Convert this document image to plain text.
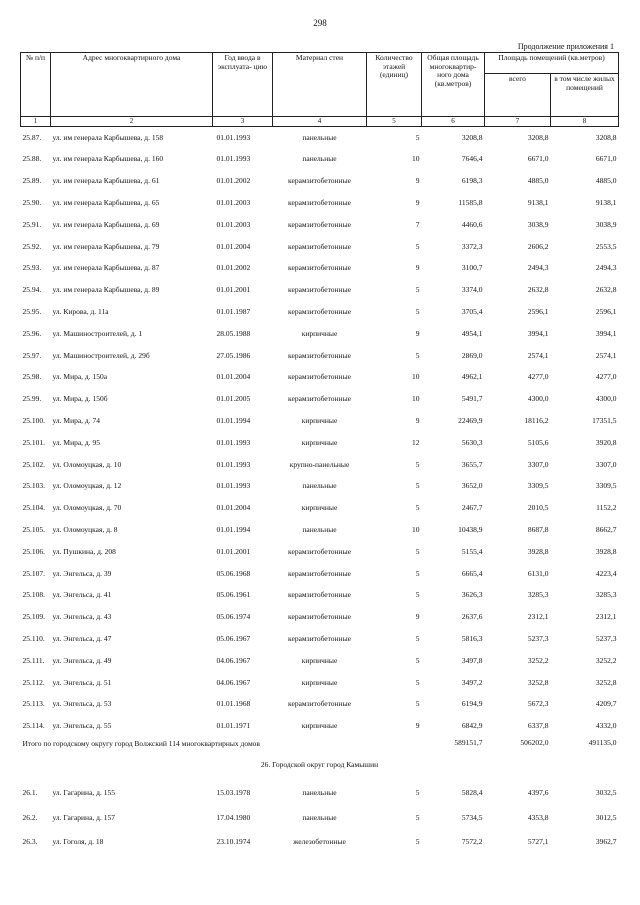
298
Продолжение приложения 1
№ п/п	Адрес многоквартирного дома	Год ввода в эксплуата- цию	Материал стен	Количество этажей (единиц)	Общая площадь многоквартир- ного дома (кв.метров)	Площадь помещений (кв.метров)	
						всего	в том числе жилых помещений
1	2	3	4	5	6	7	8
25.87.	ул. им генерала Карбышева, д. 158	01.01.1993	панельные	5	3208,8	3208,8	3208,8
25.88.	ул. им генерала Карбышева, д. 160	01.01.1993	панельные	10	7646,4	6671,0	6671,0
25.89.	ул. им генерала Карбышева, д. 61	01.01.2002	керамзитобетонные	9	6198,3	4885,0	4885,0
25.90.	ул. им генерала Карбышева, д. 65	01.01.2003	керамзитобетонные	9	11585,8	9138,1	9138,1
25.91.	ул. им генерала Карбышева, д. 69	01.01.2003	керамзитобетонные	7	4460,6	3038,9	3038,9
25.92.	ул. им генерала Карбышева, д. 79	01.01.2004	керамзитобетонные	5	3372,3	2606,2	2553,5
25.93.	ул. им генерала Карбышева, д. 87	01.01.2002	керамзитобетонные	9	3100,7	2494,3	2494,3
25.94.	ул. им генерала Карбышева, д. 89	01.01.2001	керамзитобетонные	5	3374,0	2632,8	2632,8
25.95.	ул. Кирова, д. 11а	01.01.1987	керамзитобетонные	5	3705,4	2596,1	2596,1
25.96.	ул. Машиностроителей, д. 1	28.05.1988	кирпичные	9	4954,1	3994,1	3994,1
25.97.	ул. Машиностроителей, д. 29б	27.05.1986	керамзитобетонные	5	2869,0	2574,1	2574,1
25.98.	ул. Мира, д. 150а	01.01.2004	керамзитобетонные	10	4962,1	4277,0	4277,0
25.99.	ул. Мира, д. 150б	01.01.2005	керамзитобетонные	10	5491,7	4300,0	4300,0
25.100.	ул. Мира, д. 74	01.01.1994	кирпичные	9	22469,9	18116,2	17351,5
25.101.	ул. Мира, д. 95	01.01.1993	кирпичные	12	5630,3	5105,6	3920,8
25.102.	ул. Оломоуцкая, д. 10	01.01.1993	крупно-панельные	5	3655,7	3307,0	3307,0
25.103.	ул. Оломоуцкая, д. 12	01.01.1993	панельные	5	3652,0	3309,5	3309,5
25.104.	ул. Оломоуцкая, д. 70	01.01.2004	кирпичные	5	2467,7	2010,5	1152,2
25.105.	ул. Оломоуцкая, д. 8	01.01.1994	панельные	10	10438,9	8687,8	8662,7
25.106.	ул. Пушкина, д. 208	01.01.2001	керамзитобетонные	5	5155,4	3928,8	3928,8
25.107.	ул. Энгельса, д. 39	05.06.1968	керамзитобетонные	5	6665,4	6131,0	4223,4
25.108.	ул. Энгельса, д. 41	05.06.1961	керамзитобетонные	5	3626,3	3285,3	3285,3
25.109.	ул. Энгельса, д. 43	05.06.1974	керамзитобетонные	9	2637,6	2312,1	2312,1
25.110.	ул. Энгельса, д. 47	05.06.1967	керамзитобетонные	5	5816,3	5237,3	5237,3
25.111.	ул. Энгельса, д. 49	04.06.1967	кирпичные	5	3497,8	3252,2	3252,2
25.112.	ул. Энгельса, д. 51	04.06.1967	кирпичные	5	3497,2	3252,8	3252,8
25.113.	ул. Энгельса, д. 53	01.01.1968	керамзитобетонные	5	6194,9	5672,3	4209,7
25.114.	ул. Энгельса, д. 55	01.01.1971	кирпичные	9	6842,9	6337,8	4332,0
Итого по городскому округу город Волжский 114 многоквартирных домов					589151,7	506202,0	491135,0
26. Городской округ город Камышин							
26.1.	ул. Гагарина, д. 155	15.03.1978	панельные	5	5828,4	4397,6	3032,5
26.2.	ул. Гагарина, д. 157	17.04.1980	панельные	5	5734,5	4353,8	3012,5
26.3.	ул. Гоголя, д. 18	23.10.1974	железобетонные	5	7572,2	5727,1	3962,7
